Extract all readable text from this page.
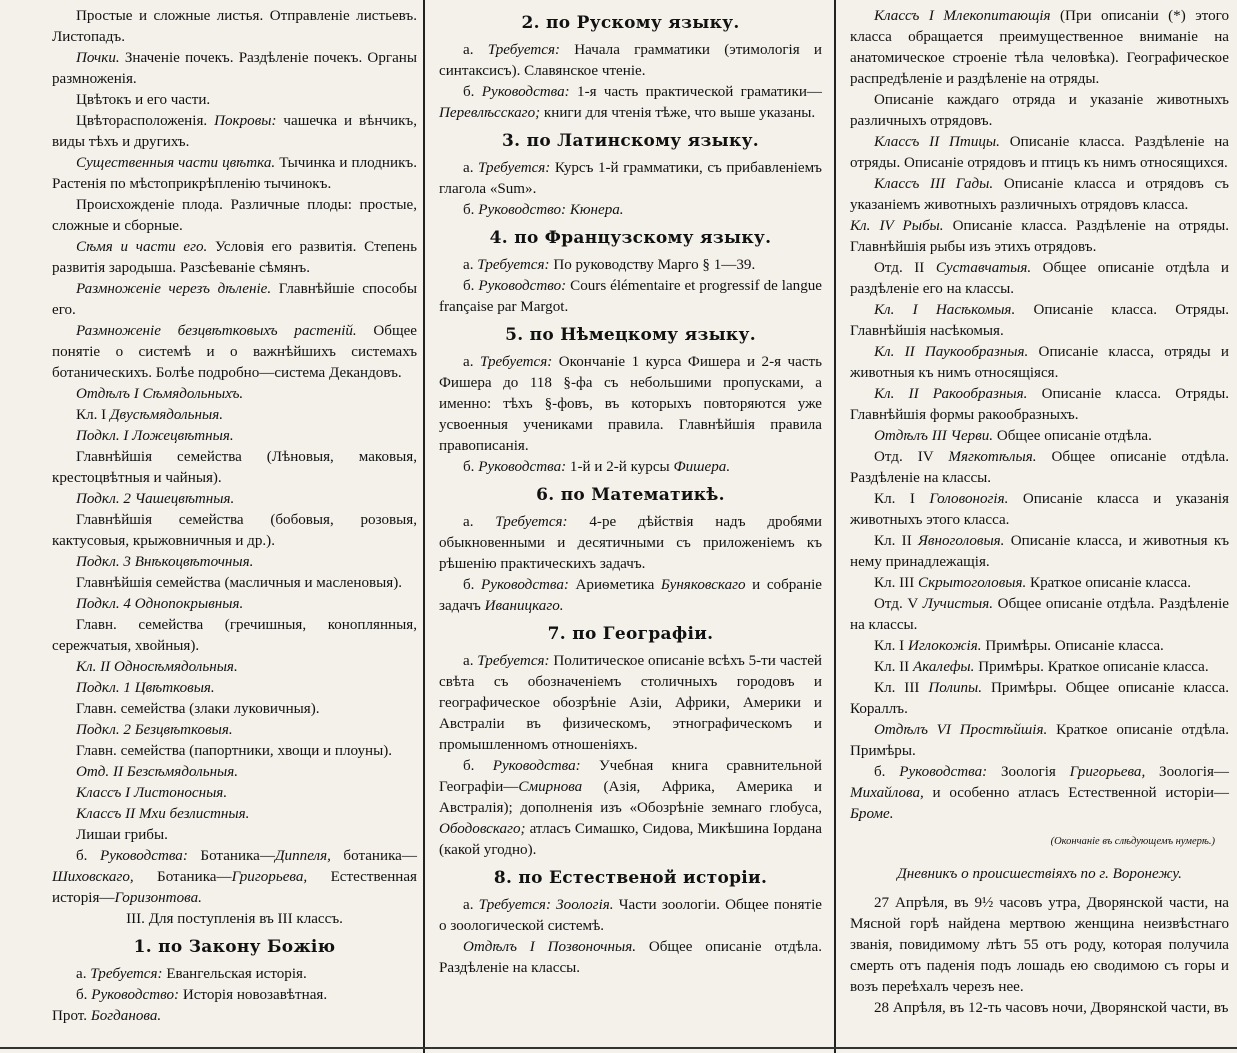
Простые и сложные листья. Отправленіе листьевъ. Листопадъ.

Почки. Значеніе почекъ. Раздѣленіе почекъ. Органы размноженія.

Цвѣтокъ и его части.

Цвѣторасположенія. Покровы: чашечка и вѣнчикъ, виды тѣхъ и другихъ.

Существенныя части цвѣтка. Тычинка и плодникъ. Растенія по мѣстоприкрѣпленію тычинокъ.

Происхожденіе плода. Различные плоды: простые, сложные и сборные.

Сѣмя и части его. Условія его развитія. Степень развитія зародыша. Разсѣеваніе сѣмянъ.

Размноженіе черезъ дѣленіе. Главнѣйшіе способы его.

Размноженіе безцвѣтковыхъ растеній. Общее понятіе о системѣ и о важнѣйшихъ системахъ ботаническихъ. Болѣе подробно—система Декандовъ.

Отдѣлъ I Сѣмядольныхъ.

Кл. I Двусѣмядольныя.

Подкл. I Ложецвѣтныя.

Главнѣйшія семейства (Лѣновыя, маковыя, крестоцвѣтныя и чайныя).

Подкл. 2 Чашецвѣтныя.

Главнѣйшія семейства (бобовыя, розовыя, кактусовыя, крыжовничныя и др.).

Подкл. 3 Внѣкоцвѣточныя.

Главнѣйшія семейства (масличныя и масленовыя).

Подкл. 4 Однопокрывныя.

Главн. семейства (гречишныя, коноплянныя, сережчатыя, хвойныя).

Кл. II Односѣмядольныя.

Подкл. 1 Цвѣтковыя.

Главн. семейства (злаки луковичныя).

Подкл. 2 Безцвѣтковыя.

Главн. семейства (папортники, хвощи и плоуны).

Отд. II Безсѣмядольныя.

Классъ I Листоносныя.

Классъ II Мхи безлистныя.

Лишаи грибы.

б. Руководства: Ботаника—Диппеля, ботаника—Шиховскаго, Ботаника—Григорьева, Естественная исторія—Горизонтова.

III. Для поступленія въ III классъ.

1. по Закону Божію

а. Требуется: Евангельская исторія.

б. Руководство: Исторія новозавѣтная.

Прот. Богданова.

2. по Рускому языку.

а. Требуется: Начала грамматики (этимологія и синтаксисъ). Славянское чтеніе.

б. Руководства: 1-я часть практической граматики—Перевлѣсскаго; книги для чтенія тѣже, что выше указаны.

3. по Латинскому языку.

а. Требуется: Курсъ 1-й грамматики, съ прибавленіемъ глагола «Sum».

б. Руководство: Кюнера.

4. по Французскому языку.

а. Требуется: По руководству Марго § 1—39.

б. Руководство: Cours élémentaire et progressif de langue française par Margot.

5. по Нѣмецкому языку.

а. Требуется: Окончаніе 1 курса Фишера и 2-я часть Фишера до 118 §-фа съ небольшими пропусками, а именно: тѣхъ §-фовъ, въ которыхъ повторяются уже усвоенныя учениками правила. Главнѣйшія правила правописанія.

б. Руководства: 1-й и 2-й курсы Фишера.

6. по Математикѣ.

а. Требуется: 4-ре дѣйствія надъ дробями обыкновенными и десятичными съ приложеніемъ къ рѣшенію практическихъ задачъ.

б. Руководства: Ариѳметика Буняковскаго и собраніе задачъ Иваницкаго.

7. по Географіи.

а. Требуется: Политическое описаніе всѣхъ 5-ти частей свѣта съ обозначеніемъ столичныхъ городовъ и географическое обозрѣніе Азіи, Африки, Америки и Австраліи въ физическомъ, этнографическомъ и промышленномъ отношеніяхъ.

б. Руководства: Учебная книга сравнительной Географіи—Смирнова (Азія, Африка, Америка и Австралія); дополненія изъ «Обозрѣніе земнаго глобуса, Ободовскаго; атласъ Симашко, Сидова, Микѣшина Іордана (какой угодно).

8. по Естественой исторіи.

а. Требуется: Зоологія. Части зоологіи. Общее понятіе о зоологической системѣ.

Отдѣлъ I Позвоночныя. Общее описаніе отдѣла. Раздѣленіе на классы.

Классъ I Млекопитающія (При описаніи (*) этого класса обращается преимущественное вниманіе на анатомическое строеніе тѣла человѣка). Географическое распредѣленіе и раздѣленіе на отряды.

Описаніе каждаго отряда и указаніе животныхъ различныхъ отрядовъ.

Классъ II Птицы. Описаніе класса. Раздѣленіе на отряды. Описаніе отрядовъ и птицъ къ нимъ относящихся.

Классъ III Гады. Описаніе класса и отрядовъ съ указаніемъ животныхъ различныхъ отрядовъ класса.

Кл. IV Рыбы. Описаніе класса. Раздѣленіе на отряды. Главнѣйшія рыбы изъ этихъ отрядовъ.

Отд. II Суставчатыя. Общее описаніе отдѣла и раздѣленіе его на классы.

Кл. I Насѣкомыя. Описаніе класса. Отряды. Главнѣйшія насѣкомыя.

Кл. II Паукообразныя. Описаніе класса, отряды и животныя къ нимъ относящіяся.

Кл. II Ракообразныя. Описаніе класса. Отряды. Главнѣйшія формы ракообразныхъ.

Отдѣлъ III Черви. Общее описаніе отдѣла.

Отд. IV Мягкотѣлыя. Общее описаніе отдѣла. Раздѣленіе на классы.

Кл. I Головоногія. Описаніе класса и указанія животныхъ этого класса.

Кл. II Явноголовыя. Описаніе класса, и животныя къ нему принадлежащія.

Кл. III Скрытоголовыя. Краткое описаніе класса.

Отд. V Лучистыя. Общее описаніе отдѣла. Раздѣленіе на классы.

Кл. I Иглокожія. Примѣры. Описаніе класса.

Кл. II Акалефы. Примѣры. Краткое описаніе класса.

Кл. III Полипы. Примѣры. Общее описаніе класса. Кораллъ.

Отдѣлъ VI Простѣйшія. Краткое описаніе отдѣла. Примѣры.

б. Руководства: Зоологія Григорьева, Зоологія—Михайлова, и особенно атласъ Естественной исторіи—Броме.

(Окончаніе въ слѣдующемъ нумерѣ.)

Дневникъ о происшествіяхъ по г. Воронежу.

27 Апрѣля, въ 9½ часовъ утра, Дворянской части, на Мясной горѣ найдена мертвою женщина неизвѣстнаго званія, повидимому лѣтъ 55 отъ роду, которая получила смерть отъ паденія подъ лошадь ею сводимою съ горы и возъ переѣхалъ черезъ нее.

28 Апрѣля, въ 12-ть часовъ ночи, Дворянской части, въ
